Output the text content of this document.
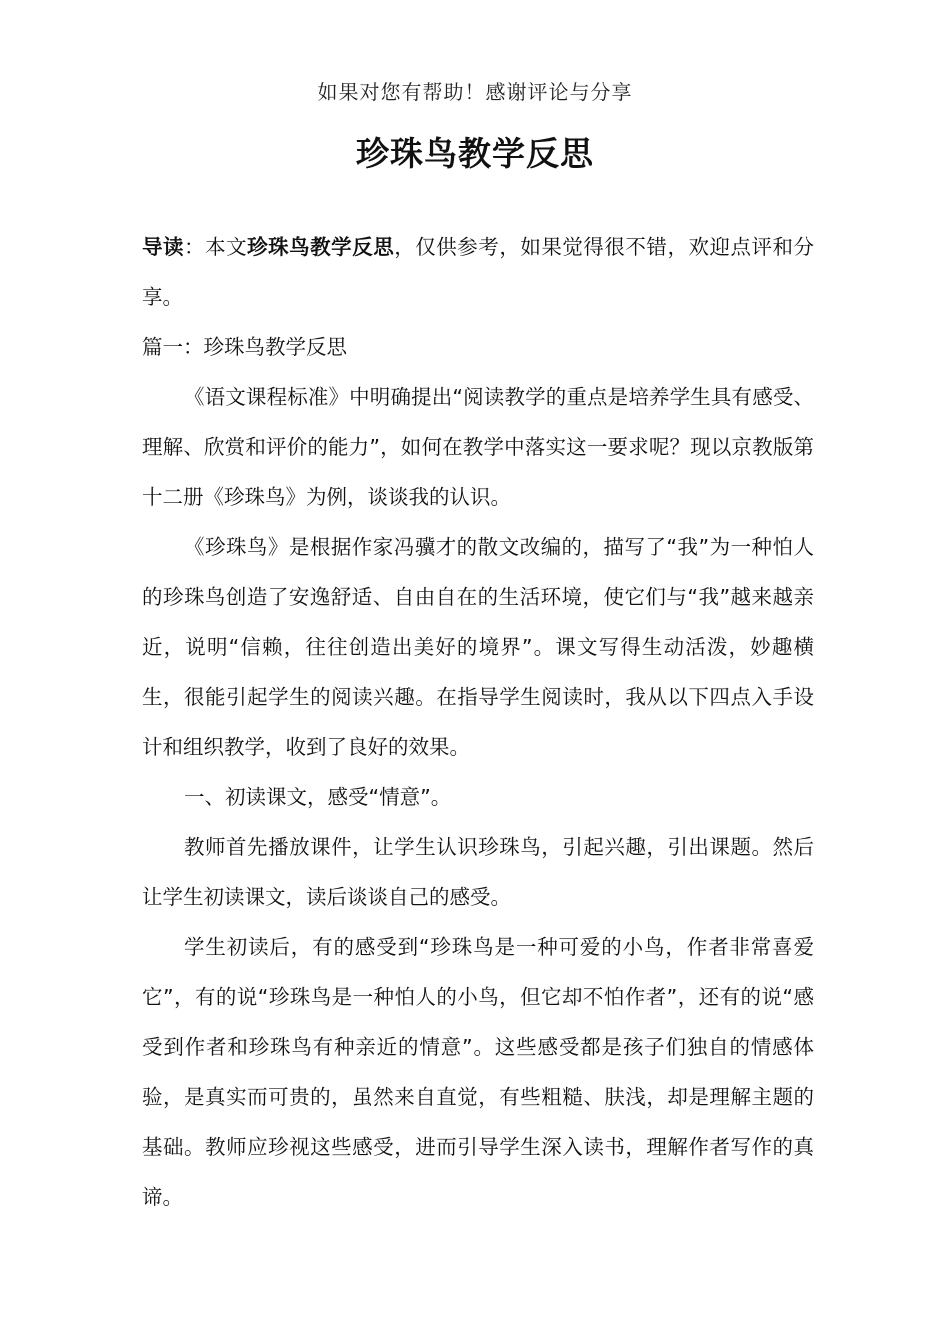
如果对您有帮助！感谢评论与分享
珍珠鸟教学反思

导读：本文珍珠鸟教学反思，仅供参考，如果觉得很不错，欢迎点评和分享。

篇一：珍珠鸟教学反思

《语文课程标准》中明确提出“阅读教学的重点是培养学生具有感受、理解、欣赏和评价的能力”，如何在教学中落实这一要求呢？现以京教版第十二册《珍珠鸟》为例，谈谈我的认识。

《珍珠鸟》是根据作家冯骥才的散文改编的，描写了“我”为一种怕人的珍珠鸟创造了安逸舒适、自由自在的生活环境，使它们与“我”越来越亲近，说明“信赖，往往创造出美好的境界”。课文写得生动活泼，妙趣横生，很能引起学生的阅读兴趣。在指导学生阅读时，我从以下四点入手设计和组织教学，收到了良好的效果。

一、初读课文，感受“情意”。

教师首先播放课件，让学生认识珍珠鸟，引起兴趣，引出课题。然后让学生初读课文，读后谈谈自己的感受。

学生初读后，有的感受到“珍珠鸟是一种可爱的小鸟，作者非常喜爱它”，有的说“珍珠鸟是一种怕人的小鸟，但它却不怕作者”，还有的说“感受到作者和珍珠鸟有种亲近的情意”。这些感受都是孩子们独自的情感体验，是真实而可贵的，虽然来自直觉，有些粗糙、肤浅，却是理解主题的基础。教师应珍视这些感受，进而引导学生深入读书，理解作者写作的真谛。
